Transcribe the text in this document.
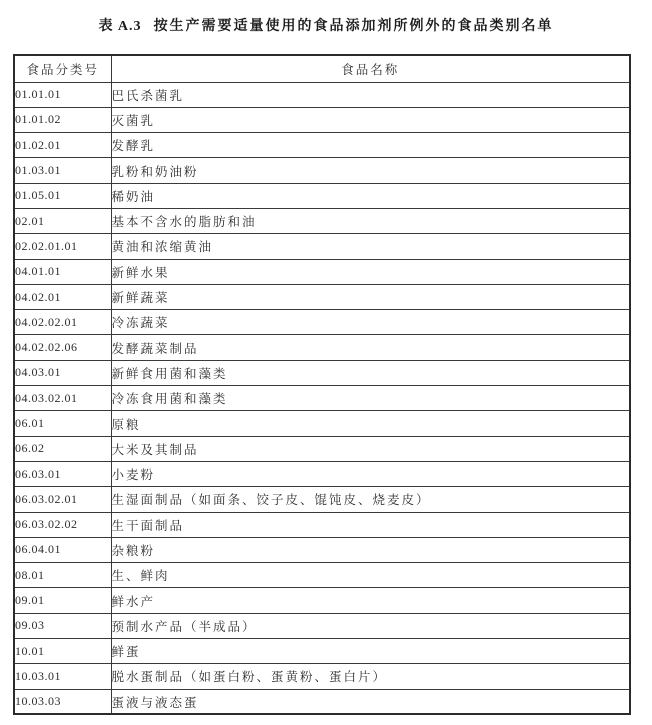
表 A.3 按生产需要适量使用的食品添加剂所例外的食品类别名单
食品分类号	食品名称
01.01.01	巴氏杀菌乳
01.01.02	灭菌乳
01.02.01	发酵乳
01.03.01	乳粉和奶油粉
01.05.01	稀奶油
02.01	基本不含水的脂肪和油
02.02.01.01	黄油和浓缩黄油
04.01.01	新鲜水果
04.02.01	新鲜蔬菜
04.02.02.01	冷冻蔬菜
04.02.02.06	发酵蔬菜制品
04.03.01	新鲜食用菌和藻类
04.03.02.01	冷冻食用菌和藻类
06.01	原粮
06.02	大米及其制品
06.03.01	小麦粉
06.03.02.01	生湿面制品（如面条、饺子皮、馄饨皮、烧麦皮）
06.03.02.02	生干面制品
06.04.01	杂粮粉
08.01	生、鲜肉
09.01	鲜水产
09.03	预制水产品（半成品）
10.01	鲜蛋
10.03.01	脱水蛋制品（如蛋白粉、蛋黄粉、蛋白片）
10.03.03	蛋液与液态蛋
